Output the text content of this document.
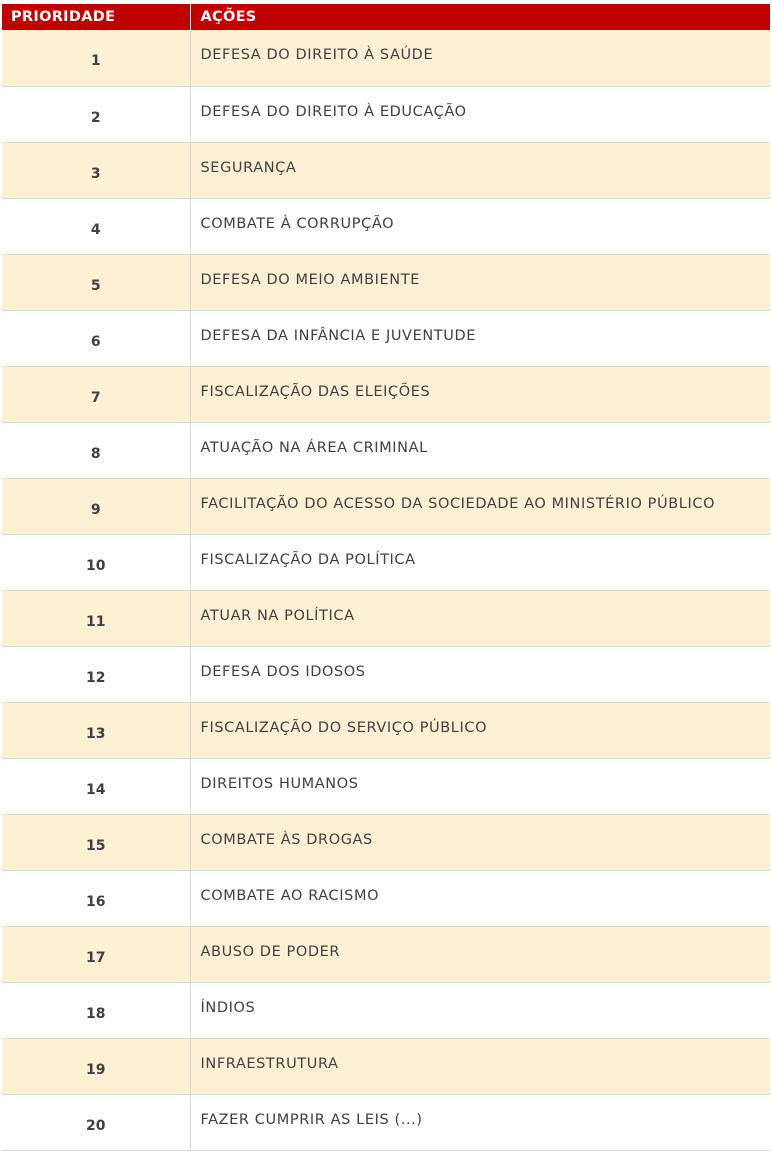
PRIORIDADE	AÇÕES
1	DEFESA DO DIREITO À SAÚDE
2	DEFESA DO DIREITO À EDUCAÇÃO
3	SEGURANÇA
4	COMBATE À CORRUPÇÃO
5	DEFESA DO MEIO AMBIENTE
6	DEFESA DA INFÂNCIA E JUVENTUDE
7	FISCALIZAÇÃO DAS ELEIÇÕES
8	ATUAÇÃO NA ÁREA CRIMINAL
9	FACILITAÇÃO DO ACESSO DA SOCIEDADE AO MINISTÉRIO PÚBLICO
10	FISCALIZAÇÃO DA POLÍTICA
11	ATUAR NA POLÍTICA
12	DEFESA DOS IDOSOS
13	FISCALIZAÇÃO DO SERVIÇO PÚBLICO
14	DIREITOS HUMANOS
15	COMBATE ÀS DROGAS
16	COMBATE AO RACISMO
17	ABUSO DE PODER
18	ÍNDIOS
19	INFRAESTRUTURA
20	FAZER CUMPRIR AS LEIS (...)
